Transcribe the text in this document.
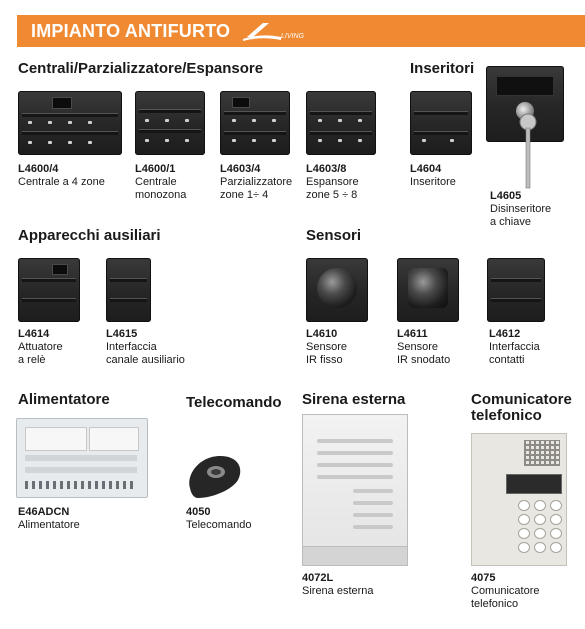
IMPIANTO ANTIFURTO	LIVING
Centrali/Parzializzatore/Espansore	Inseritori
Apparecchi ausiliari	Sensori
Alimentatore	Telecomando Sirena esterna	Comunicatore
telefonico
L4600/4
Centrale a 4 zone
L4600/1
Centrale
monozona
L4603/4
Parzializzatore
zone 1÷ 4
L4603/8
Espansore
zone 5 ÷ 8
L4604
Inseritore
L4605
Disinseritore
a chiave
L4614
Attuatore
a relè
L4615
Interfaccia
canale ausiliario
L4610
Sensore
IR fisso
L4611
Sensore
IR snodato
L4612
Interfaccia
contatti
E46ADCN
Alimentatore
4050
Telecomando
4072L
Sirena esterna
4075
Comunicatore
telefonico
